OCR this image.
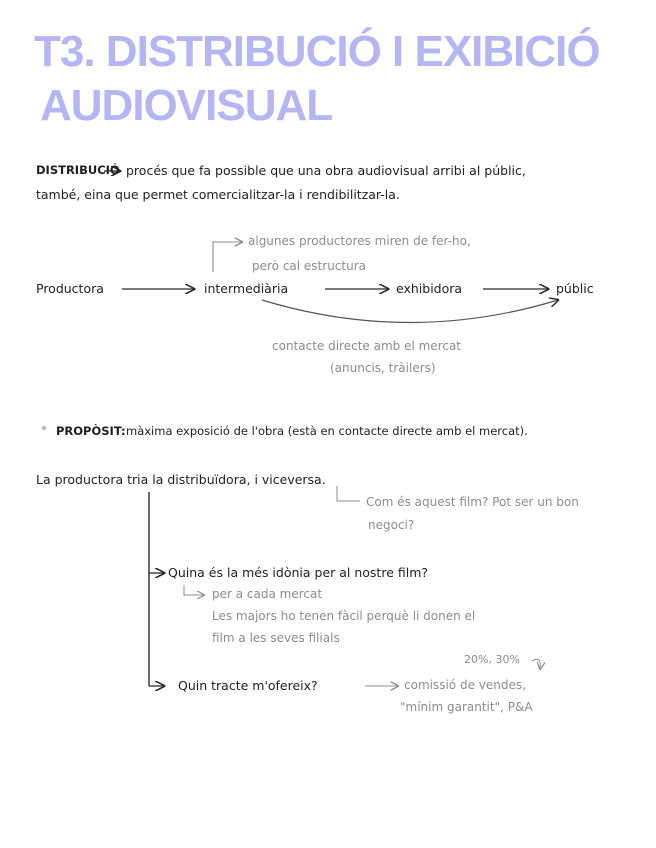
T3. DISTRIBUCIÓ I EXIBICIÓ
AUDIOVISUAL
DISTRIBUCIÓ procés que fa possible que una obra audiovisual arribi al públic,
també, eina que permet comercialitzar-la i rendibilitzar-la.
algunes productores miren de fer-ho,
però cal estructura
Productora	intermediària	exhibidora	públic
contacte directe amb el mercat
(anuncis, tràilers)
PROPÒSIT: màxima exposició de l'obra (està en contacte directe amb el mercat).
La productora tria la distribuïdora, i viceversa.
Com és aquest film? Pot ser un bon
negoci?
Quina és la més idònia per al nostre film?
per a cada mercat
Les majors ho tenen fàcil perquè li donen el
film a les seves filials
20%, 30%
Quin tracte m'ofereix?	comissió de vendes,
"mínim garantit", P&A
